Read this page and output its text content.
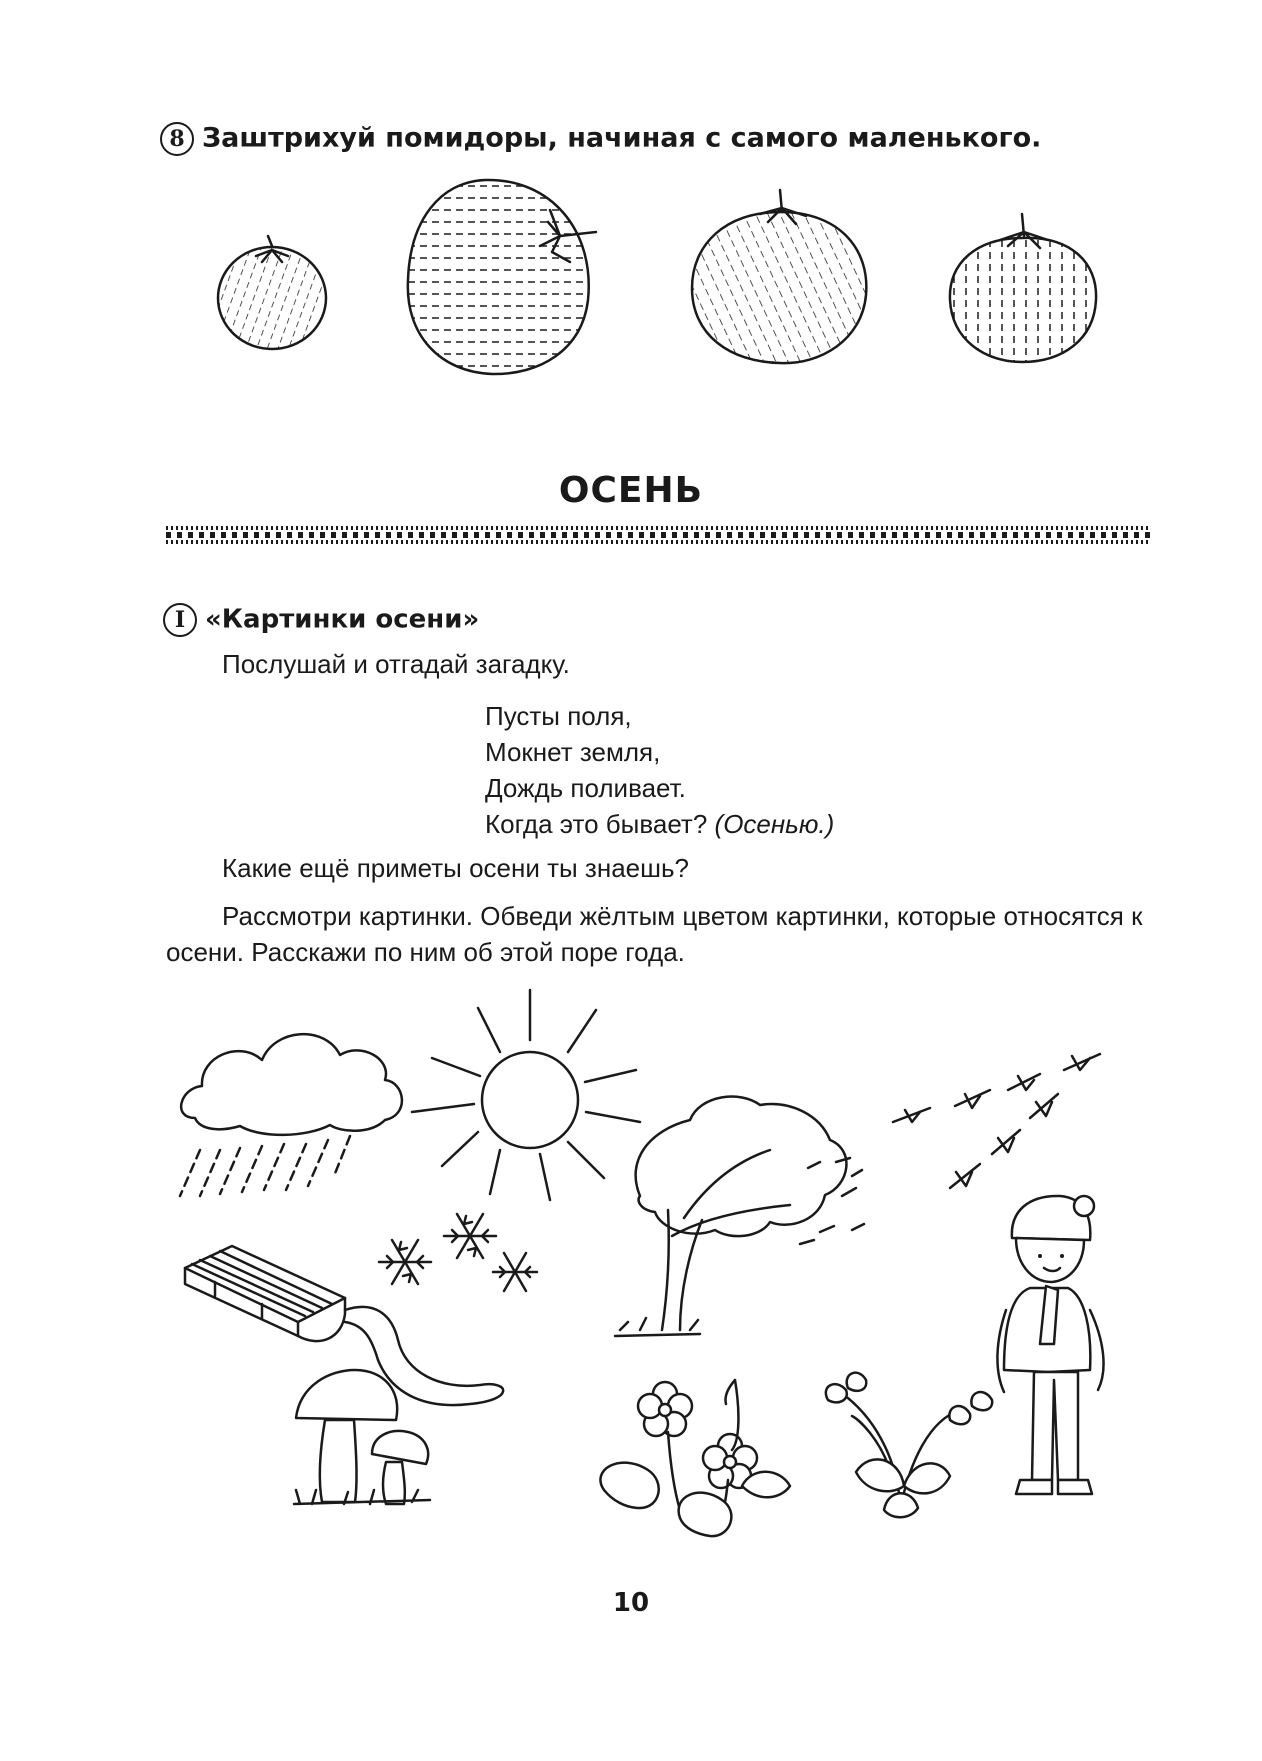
8 Заштрихуй помидоры, начиная с самого маленького.
ОСЕНЬ
I «Картинки осени»
Послушай и отгадай загадку.
Пусты поля,
Мокнет земля,
Дождь поливает.
Когда это бывает? (Осенью.)
Какие ещё приметы осени ты знаешь?
Рассмотри картинки. Обведи жёлтым цветом картинки, которые относятся к осени. Расскажи по ним об этой поре года.
10
